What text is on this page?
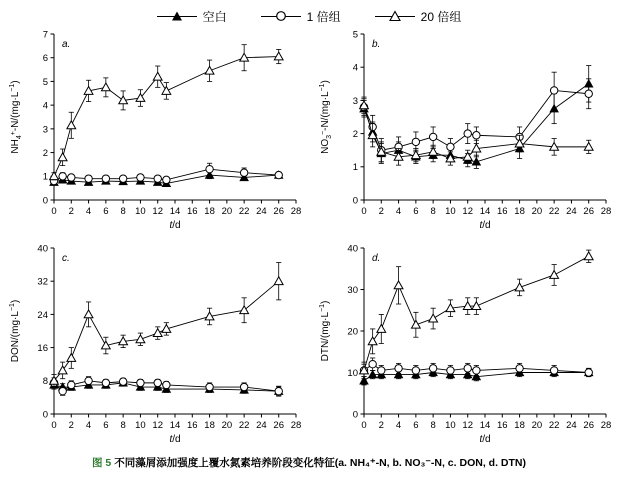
空白	1 倍组	20 倍组
0 2 4 6 8 10 12 14 16 18 20 22 24 26 28
0
1
2
3
4
5
6
7
a.
t/d
$NH_4^+-N/(mg\cdot L^{-1})$
0 2 4 6 8 10 12 14 16 18 20 22 24 26 28
0
1
2
3
4
5
b.
t/d
$NO_3^--N/(mg\cdot L^{-1})$
0 2 4 6 8 10 12 14 16 18 20 22 24 26 28
0
8
16
24
32
40
c.
t/d
DON/$(mg\cdot L^{-1})$
0 2 4 6 8 10 12 14 16 18 20 22 24 26 28
0
10
20
30
40
d.
t/d
DTN/$(mg\cdot L^{-1})$
图 5 不同藻屑添加强度上覆水氮素培养阶段变化特征(a. NH₄⁺-N, b. NO₃⁻-N, c. DON, d. DTN)
